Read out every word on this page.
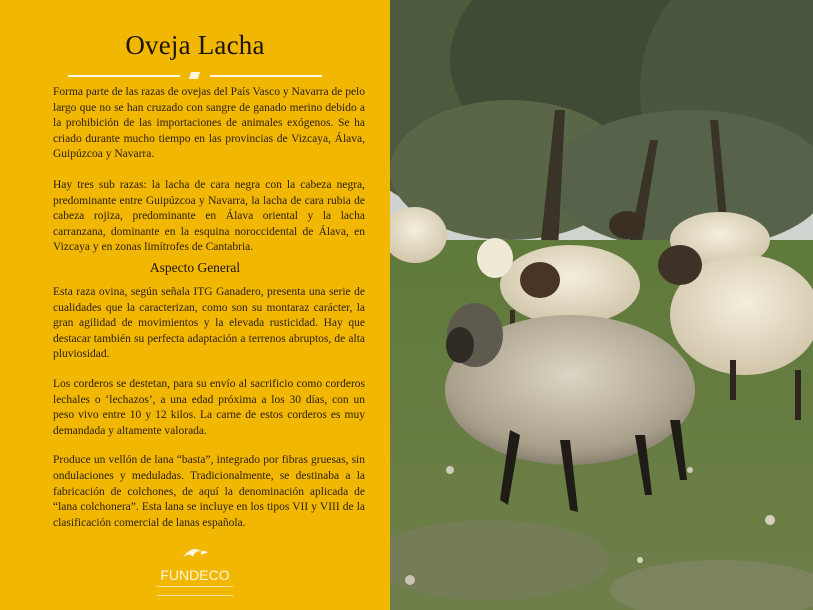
Oveja Lacha

Forma parte de las razas de ovejas del País Vasco y Navarra de pelo largo que no se han cruzado con sangre de ganado merino debido a la prohibición de las importaciones de animales exógenos. Se ha criado durante mucho tiempo en las provincias de Vizcaya, Álava, Guipúzcoa y Navarra.

Hay tres sub razas: la lacha de cara negra con la cabeza negra, predominante entre Guipúzcoa y Navarra, la lacha de cara rubia de cabeza rojiza, predominante en Álava oriental y la lacha carranzana, dominante en la esquina noroccidental de Álava, en Vizcaya y en zonas limítrofes de Cantabria.

Aspecto General

Esta raza ovina, según señala ITG Ganadero, presenta una serie de cualidades que la caracterizan, como son su montaraz carácter, la gran agilidad de movimientos y la elevada rusticidad. Hay que destacar también su perfecta adaptación a terrenos abruptos, de alta pluviosidad.

Los corderos se destetan, para su envío al sacrificio como corderos lechales o ‘lechazos’, a una edad próxima a los 30 días, con un peso vivo entre 10 y 12 kilos. La carne de estos corderos es muy demandada y altamente valorada.

Produce un vellón de lana “basta”, integrado por fibras gruesas, sin ondulaciones y meduladas. Tradicionalmente, se destinaba a la fabricación de colchones, de aquí la denominación aplicada de “lana colchonera”. Esta lana se incluye en los tipos VII y VIII de la clasificación comercial de lanas española.

FUNDECO
